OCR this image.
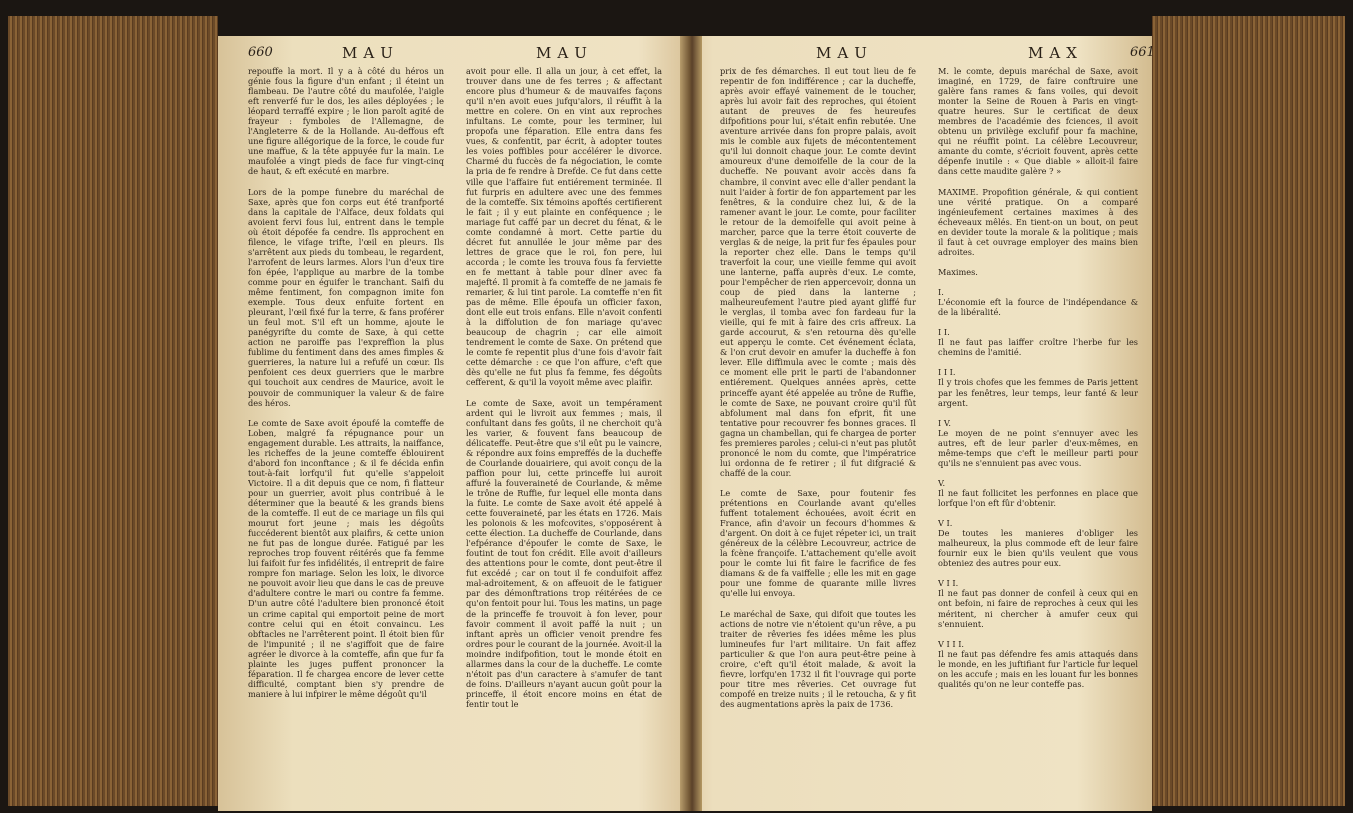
660	MAU	MAU	MAU	MAX	661
repouffe la mort. Il y a à côté du héros un génie fous la figure d'un enfant ; il éteint un flambeau. De l'autre côté du maufolée, l'aigle eft renverfé fur le dos, les ailes déployées ; le léopard terraffé expire ; le lion paroît agité de frayeur : fymboles de l'Allemagne, de l'Angleterre & de la Hollande. Au-deffous eft une figure allégorique de la force, le coude fur une maffue, & la tête appuyée fur la main. Le maufolée a vingt pieds de face fur vingt-cinq de haut, & eft exécuté en marbre.

Lors de la pompe funebre du maréchal de Saxe, après que fon corps eut été tranfporté dans la capitale de l'Alface, deux foldats qui avoient fervi fous lui, entrent dans le temple où étoit dépofée fa cendre. Ils approchent en filence, le vifage trifte, l'œil en pleurs. Ils s'arrêtent aux pieds du tombeau, le regardent, l'arrofent de leurs larmes. Alors l'un d'eux tire fon épée, l'applique au marbre de la tombe comme pour en éguifer le tranchant. Saifi du même fentiment, fon compagnon imite fon exemple. Tous deux enfuite fortent en pleurant, l'œil fixé fur la terre, & fans proférer un feul mot. S'il eft un homme, ajoute le panégyrifte du comte de Saxe, à qui cette action ne paroiffe pas l'expreffion la plus fublime du fentiment dans des ames fimples & guerrieres, la nature lui a refufé un cœur. Ils penfoient ces deux guerriers que le marbre qui touchoit aux cendres de Maurice, avoit le pouvoir de communiquer la valeur & de faire des héros.

Le comte de Saxe avoit époufé la comteffe de Loben, malgré fa répugnance pour un engagement durable. Les attraits, la naiffance, les richeffes de la jeune comteffe éblouirent d'abord fon inconftance ; & il fe décida enfin tout-à-fait lorfqu'il fut qu'elle s'appeloit Victoire. Il a dit depuis que ce nom, fi flatteur pour un guerrier, avoit plus contribué à le déterminer que la beauté & les grands biens de la comteffe. Il eut de ce mariage un fils qui mourut fort jeune ; mais les dégoûts fuccéderent bientôt aux plaifirs, & cette union ne fut pas de longue durée. Fatigué par les reproches trop fouvent réitérés que fa femme lui faifoit fur fes infidélités, il entreprit de faire rompre fon mariage. Selon les loix, le divorce ne pouvoit avoir lieu que dans le cas de preuve d'adultere contre le mari ou contre fa femme. D'un autre côté l'adultere bien prononcé étoit un crime capital qui emportoit peine de mort contre celui qui en étoit convaincu. Les obftacles ne l'arrêterent point. Il étoit bien fûr de l'impunité ; il ne s'agiffoit que de faire agréer le divorce à la comteffe, afin que fur fa plainte les juges puffent prononcer la féparation. Il fe chargea encore de lever cette difficulté, comptant bien s'y prendre de maniere à lui infpirer le même dégoût qu'il
avoit pour elle. Il alla un jour, à cet effet, la trouver dans une de fes terres ; & affectant encore plus d'humeur & de mauvaifes façons qu'il n'en avoit eues jufqu'alors, il réuffit à la mettre en colere. On en vint aux reproches infultans. Le comte, pour les terminer, lui propofa une féparation. Elle entra dans fes vues, & confentit, par écrit, à adopter toutes les voies poffibles pour accélérer le divorce. Charmé du fuccès de fa négociation, le comte la pria de fe rendre à Drefde. Ce fut dans cette ville que l'affaire fut entiérement terminée. Il fut furpris en adultere avec une des femmes de la comteffe. Six témoins apoftés certifierent le fait ; il y eut plainte en conféquence ; le mariage fut caffé par un decret du fénat, & le comte condamné à mort. Cette partie du décret fut annullée le jour même par des lettres de grace que le roi, fon pere, lui accorda ; le comte les trouva fous fa ferviette en fe mettant à table pour dîner avec fa majefté. Il promit à fa comteffe de ne jamais fe remarier, & lui tint parole. La comteffe n'en fit pas de même. Elle époufa un officier faxon, dont elle eut trois enfans. Elle n'avoit confenti à la diffolution de fon mariage qu'avec beaucoup de chagrin ; car elle aimoit tendrement le comte de Saxe. On prétend que le comte fe repentit plus d'une fois d'avoir fait cette démarche : ce que l'on affure, c'eft que dès qu'elle ne fut plus fa femme, fes dégoûts cefferent, & qu'il la voyoit même avec plaifir.

Le comte de Saxe, avoit un tempérament ardent qui le livroit aux femmes ; mais, il confultant dans fes goûts, il ne cherchoit qu'à les varier, & fouvent fans beaucoup de délicateffe. Peut-être que s'il eût pu le vaincre, & répondre aux foins empreffés de la ducheffe de Courlande douairiere, qui avoit conçu de la paffion pour lui, cette princeffe lui auroit affuré la fouveraineté de Courlande, & même le trône de Ruffie, fur lequel elle monta dans la fuite. Le comte de Saxe avoit été appelé à cette fouveraineté, par les états en 1726. Mais les polonois & les mofcovites, s'opposérent à cette élection. La ducheffe de Courlande, dans l'efpérance d'époufer le comte de Saxe, le foutint de tout fon crédit. Elle avoit d'ailleurs des attentions pour le comte, dont peut-être il fut excédé ; car on tout il fe conduifoit affez mal-adroitement, & on affeuoit de le fatiguer par des démonftrations trop réitérées de ce qu'on fentoit pour lui. Tous les matins, un page de la princeffe fe trouvoit à fon lever, pour favoir comment il avoit paffé la nuit ; un inftant après un officier venoit prendre fes ordres pour le courant de la journée. Avoit-il la moindre indifpofition, tout le monde étoit en allarmes dans la cour de la ducheffe. Le comte n'étoit pas d'un caractere à s'amufer de tant de foins. D'ailleurs n'ayant aucun goût pour la princeffe, il étoit encore moins en état de fentir tout le
prix de fes démarches. Il eut tout lieu de fe repentir de fon indifférence ; car la ducheffe, après avoir effayé vainement de le toucher, après lui avoir fait des reproches, qui étoient autant de preuves de fes heureufes difpofitions pour lui, s'était enfin rebutée. Une aventure arrivée dans fon propre palais, avoit mis le comble aux fujets de mécontentement qu'il lui donnoit chaque jour. Le comte devint amoureux d'une demoifelle de la cour de la ducheffe. Ne pouvant avoir accès dans fa chambre, il convint avec elle d'aller pendant la nuit l'aider à fortir de fon appartement par les fenêtres, & la conduire chez lui, & de la ramener avant le jour. Le comte, pour faciliter le retour de la demoifelle qui avoit peine à marcher, parce que la terre étoit couverte de verglas & de neige, la prit fur fes épaules pour la reporter chez elle. Dans le temps qu'il traverfoit la cour, une vieille femme qui avoit une lanterne, paffa auprès d'eux. Le comte, pour l'empêcher de rien appercevoir, donna un coup de pied dans la lanterne ; malheureufement l'autre pied ayant gliffé fur le verglas, il tomba avec fon fardeau fur la vieille, qui fe mit à faire des cris affreux. La garde accourut, & s'en retourna dès qu'elle eut apperçu le comte. Cet événement éclata, & l'on crut devoir en amufer la ducheffe à fon lever. Elle diffimula avec le comte ; mais dès ce moment elle prit le parti de l'abandonner entiérement. Quelques années après, cette princeffe ayant été appelée au trône de Ruffie, le comte de Saxe, ne pouvant croire qu'il fût abfolument mal dans fon efprit, fit une tentative pour recouvrer fes bonnes graces. Il gagna un chambellan, qui fe chargea de porter fes premieres paroles ; celui-ci n'eut pas plutôt prononcé le nom du comte, que l'impératrice lui ordonna de fe retirer ; il fut difgracié & chaffé de la cour.

Le comte de Saxe, pour foutenir fes prétentions en Courlande avant qu'elles fuffent totalement échouées, avoit écrit en France, afin d'avoir un fecours d'hommes & d'argent. On doit à ce fujet répeter ici, un trait généreux de la célèbre Lecouvreur, actrice de la fcène françoife. L'attachement qu'elle avoit pour le comte lui fit faire le facrifice de fes diamans & de fa vaiffelle ; elle les mit en gage pour une fomme de quarante mille livres qu'elle lui envoya.

Le maréchal de Saxe, qui difoit que toutes les actions de notre vie n'étoient qu'un rêve, a pu traiter de rêveries fes idées même les plus lumineufes fur l'art militaire. Un fait affez particulier & que l'on aura peut-être peine à croire, c'eft qu'il étoit malade, & avoit la fievre, lorfqu'en 1732 il fit l'ouvrage qui porte pour titre mes rêveries. Cet ouvrage fut compofé en treize nuits ; il le retoucha, & y fit des augmentations après la paix de 1736.
M. le comte, depuis maréchal de Saxe, avoit imaginé, en 1729, de faire conftruire une galère fans rames & fans voiles, qui devoit monter la Seine de Rouen à Paris en vingt-quatre heures. Sur le certificat de deux membres de l'académie des fciences, il avoit obtenu un privilège exclufif pour fa machine, qui ne réuffit point. La célèbre Lecouvreur, amante du comte, s'écrioit fouvent, après cette dépenfe inutile : « Que diable » alloit-il faire dans cette maudite galère ? »

MAXIME. Propofition générale, & qui contient une vérité pratique. On a comparé ingénieufement certaines maximes à des écheveaux mêlés. En tient-on un bout, on peut en devider toute la morale & la politique ; mais il faut à cet ouvrage employer des mains bien adroites.

Maximes.

I.
L'économie eft la fource de l'indépendance & de la libéralité.

I I.
Il ne faut pas laiffer croître l'herbe fur les chemins de l'amitié.

I I I.
Il y trois chofes que les femmes de Paris jettent par les fenêtres, leur temps, leur fanté & leur argent.

I V.
Le moyen de ne point s'ennuyer avec les autres, eft de leur parler d'eux-mêmes, en même-temps que c'eft le meilleur parti pour qu'ils ne s'ennuient pas avec vous.

V.
Il ne faut follicitet les perfonnes en place que lorfque l'on eft fûr d'obtenir.

V I.
De toutes les manieres d'obliger les malheureux, la plus commode eft de leur faire fournir eux le bien qu'ils veulent que vous obteniez des autres pour eux.

V I I.
Il ne faut pas donner de confeil à ceux qui en ont befoin, ni faire de reproches à ceux qui les méritent, ni chercher à amufer ceux qui s'ennuient.

V I I I.
Il ne faut pas défendre fes amis attaqués dans le monde, en les juftifiant fur l'article fur lequel on les accufe ; mais en les louant fur les bonnes qualités qu'on ne leur conteffe pas.
